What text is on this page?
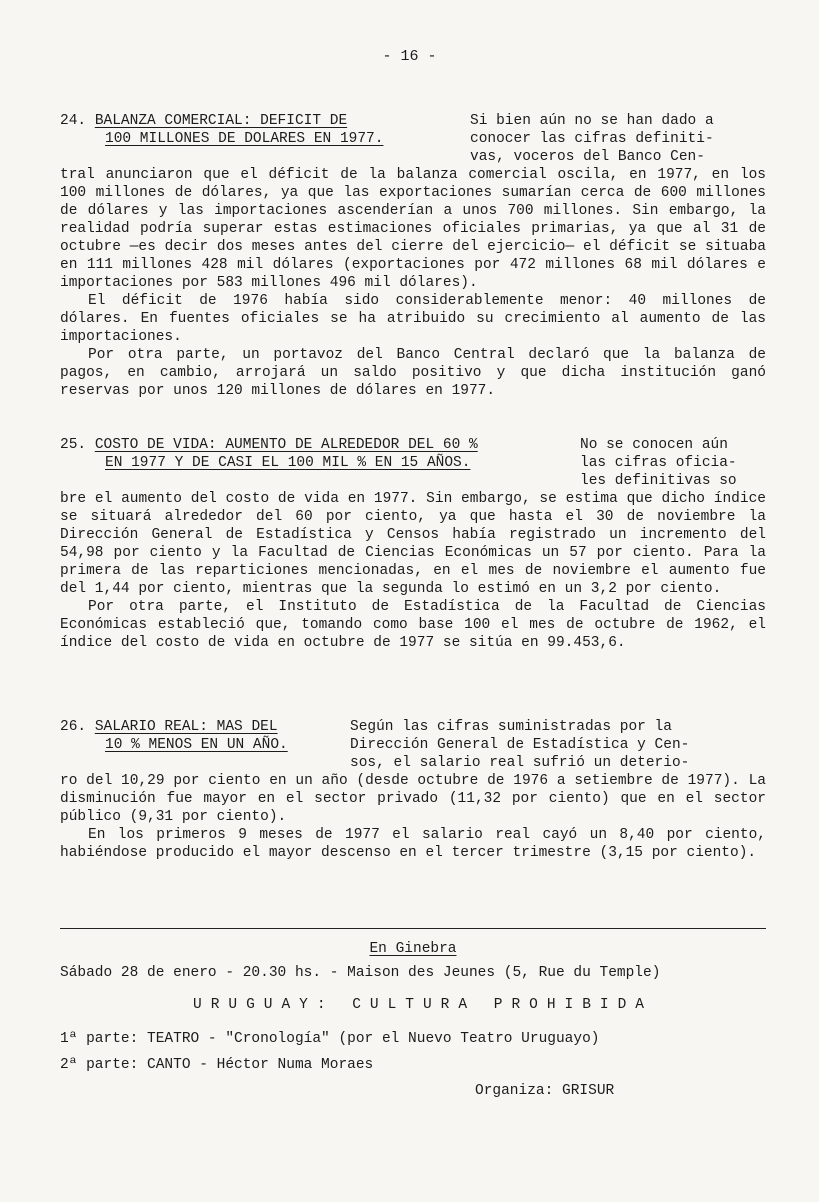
- 16 -
24. BALANZA COMERCIAL: DEFICIT DE
100 MILLONES DE DOLARES EN 1977.
Si bien aún no se han dado a
conocer las cifras definiti-
vas, voceros del Banco Cen-

tral anunciaron que el déficit de la balanza comercial oscila, en 1977, en los 100 millones de dólares, ya que las exportaciones sumarían cerca de 600 millones de dólares y las importaciones ascenderían a unos 700 millones. Sin embargo, la realidad podría superar estas estimaciones oficiales primarias, ya que al 31 de octubre —es decir dos meses antes del cierre del ejercicio— el déficit se situaba en 111 millones 428 mil dólares (exportaciones por 472 millones 68 mil dólares e importaciones por 583 millones 496 mil dólares).

El déficit de 1976 había sido considerablemente menor: 40 millones de dólares. En fuentes oficiales se ha atribuido su crecimiento al aumento de las importaciones.

Por otra parte, un portavoz del Banco Central declaró que la balanza de pagos, en cambio, arrojará un saldo positivo y que dicha institución ganó reservas por unos 120 millones de dólares en 1977.

25. COSTO DE VIDA: AUMENTO DE ALREDEDOR DEL 60 %
EN 1977 Y DE CASI EL 100 MIL % EN 15 AÑOS.
No se conocen aún
las cifras oficia-
les definitivas so

bre el aumento del costo de vida en 1977. Sin embargo, se estima que dicho índice se situará alrededor del 60 por ciento, ya que hasta el 30 de noviembre la Dirección General de Estadística y Censos había registrado un incremento del 54,98 por ciento y la Facultad de Ciencias Económicas un 57 por ciento. Para la primera de las reparticiones mencionadas, en el mes de noviembre el aumento fue del 1,44 por ciento, mientras que la segunda lo estimó en un 3,2 por ciento.

Por otra parte, el Instituto de Estadística de la Facultad de Ciencias Económicas estableció que, tomando como base 100 el mes de octubre de 1962, el índice del costo de vida en octubre de 1977 se sitúa en 99.453,6.

26. SALARIO REAL: MAS DEL
10 % MENOS EN UN AÑO.
Según las cifras suministradas por la
Dirección General de Estadística y Cen-
sos, el salario real sufrió un deterio-

ro del 10,29 por ciento en un año (desde octubre de 1976 a setiembre de 1977). La disminución fue mayor en el sector privado (11,32 por ciento) que en el sector público (9,31 por ciento).

En los primeros 9 meses de 1977 el salario real cayó un 8,40 por ciento, habiéndose producido el mayor descenso en el tercer trimestre (3,15 por ciento).

En Ginebra
Sábado 28 de enero - 20.30 hs. - Maison des Jeunes (5, Rue du Temple)
URUGUAY: CULTURA PROHIBIDA
1ª parte: TEATRO - "Cronología" (por el Nuevo Teatro Uruguayo)
2ª parte: CANTO - Héctor Numa Moraes
Organiza: GRISUR
